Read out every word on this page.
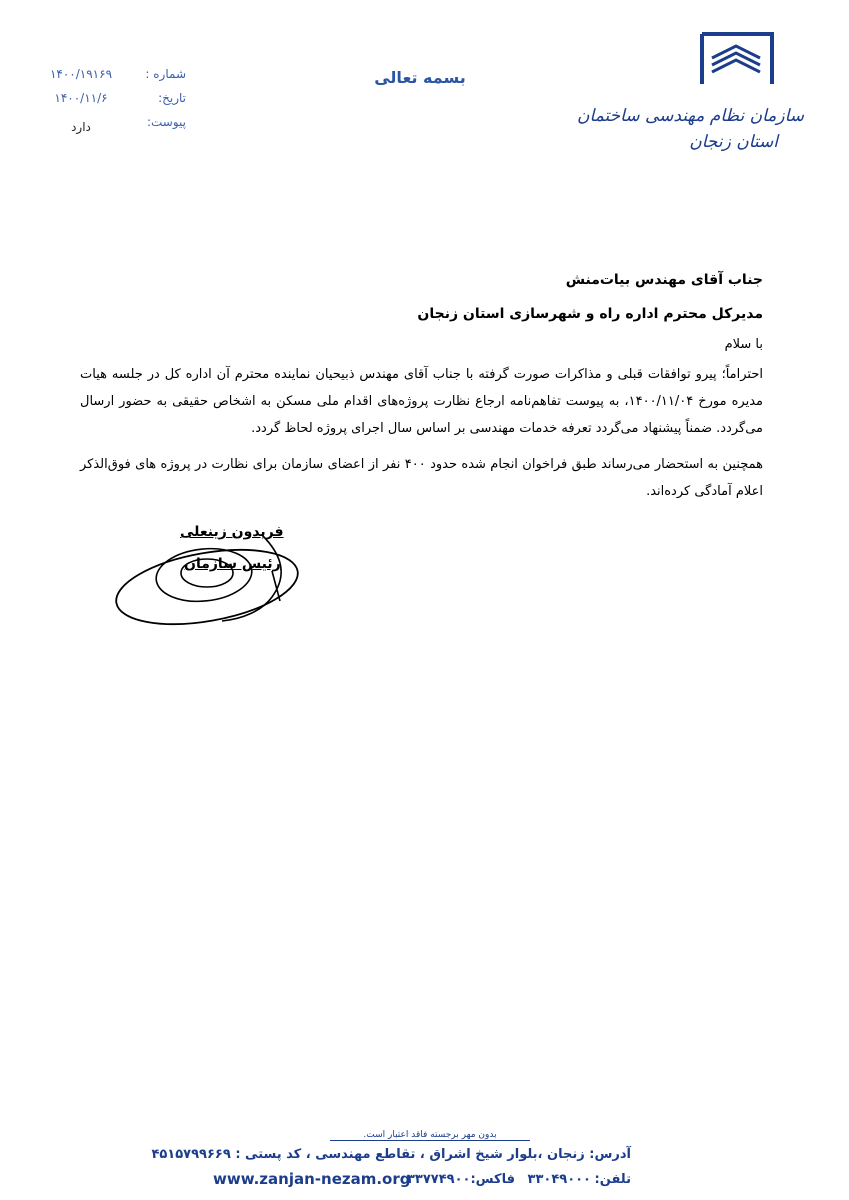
سازمان نظام مهندسی ساختمان
استان زنجان
بسمه تعالی
شماره :
۱۴۰۰/۱۹۱۶۹
تاریخ:
۱۴۰۰/۱۱/۶
پیوست:
دارد
جناب آقای مهندس بیات‌منش
مدیرکل محترم اداره راه و شهرسازی استان زنجان
با سلام
احتراماً؛ پیرو توافقات قبلی و مذاکرات صورت گرفته با جناب آقای مهندس ذبیحیان نماینده محترم آن اداره کل در جلسه هیات مدیره مورخ ۱۴۰۰/۱۱/۰۴، به پیوست تفاهم‌نامه ارجاع نظارت پروژه‌های اقدام ملی مسکن به اشخاص حقیقی به حضور ارسال می‌گردد. ضمناً پیشنهاد می‌گردد تعرفه خدمات مهندسی بر اساس سال اجرای پروژه لحاظ گردد.
همچنین به استحضار می‌رساند طبق فراخوان انجام شده حدود ۴۰۰ نفر از اعضای سازمان برای نظارت در پروژه های فوق‌الذکر اعلام آمادگی کرده‌اند.
فریدون زینعلی
رئیس سازمان
بدون مهر برجسته فاقد اعتبار است.
آدرس: زنجان ،بلوار شیخ اشراق ، تقاطع مهندسی ، کد پستی : ۴۵۱۵۷۹۹۶۶۹
تلفن:
۳۳۰۴۹۰۰۰
فاکس:۳۳۷۷۴۹۰۰
www.zanjan-nezam.org
